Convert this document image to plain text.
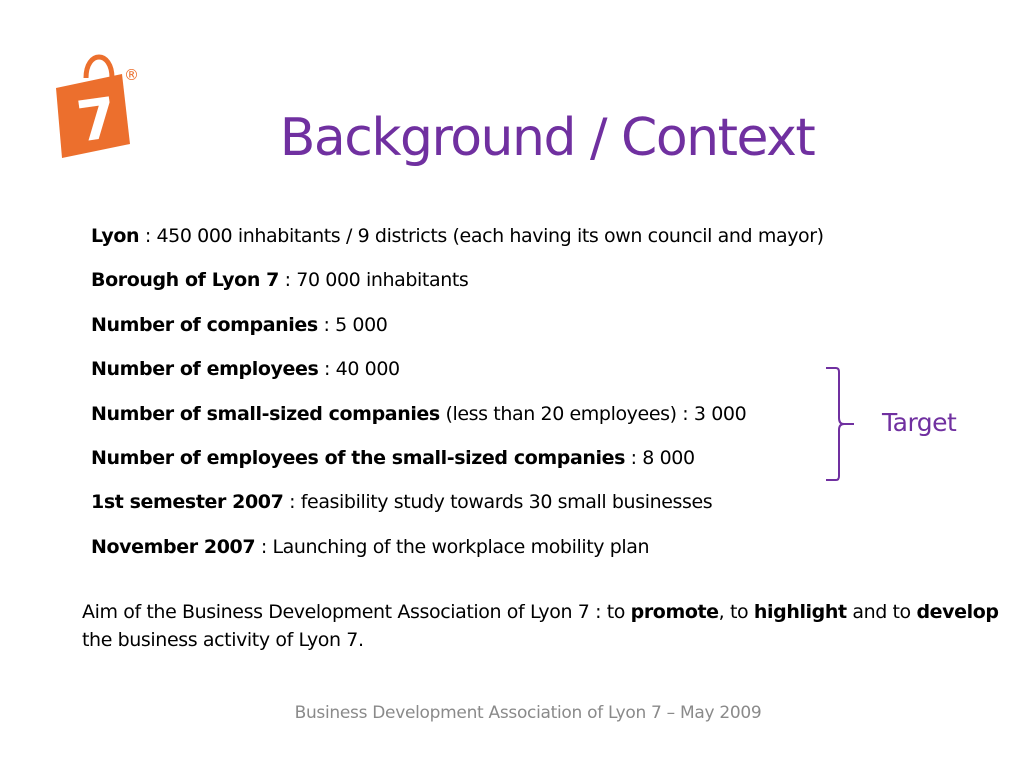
7
®
Background / Context
Lyon : 450 000 inhabitants / 9 districts (each having its own council and mayor)
Borough of Lyon 7 : 70 000 inhabitants
Number of companies : 5 000
Number of employees : 40 000
Number of small-sized companies (less than 20 employees) : 3 000
Number of employees of the small-sized companies : 8 000
1st semester 2007 : feasibility study towards 30 small businesses
November 2007 : Launching of the workplace mobility plan
Target
Aim of the Business Development Association of Lyon 7 : to promote, to highlight and to develop the business activity of Lyon 7.
Business Development Association of Lyon 7 – May 2009
